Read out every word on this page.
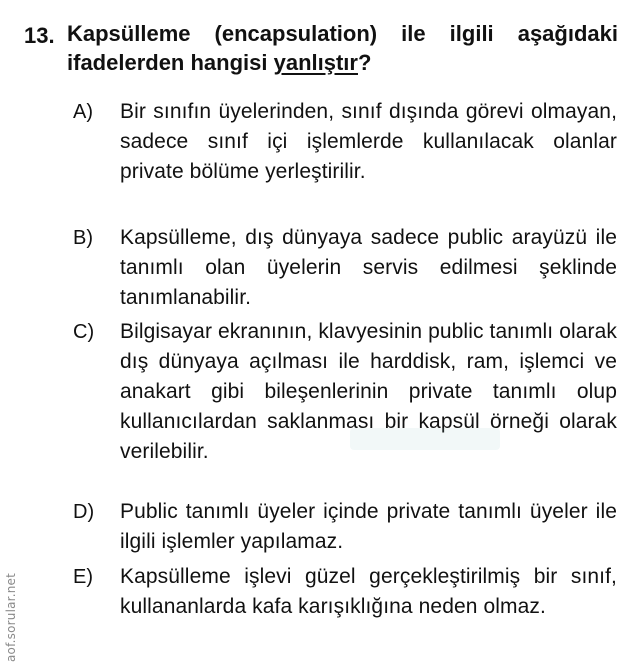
13. Kapsülleme (encapsulation) ile ilgili aşağıdaki ifadelerden hangisi yanlıştır?

A) Bir sınıfın üyelerinden, sınıf dışında görevi olmayan, sadece sınıf içi işlemlerde kullanılacak olanlar private bölüme yerleştirilir.
B) Kapsülleme, dış dünyaya sadece public arayüzü ile tanımlı olan üyelerin servis edilmesi şeklinde tanımlanabilir.
C) Bilgisayar ekranının, klavyesinin public tanımlı olarak dış dünyaya açılması ile harddisk, ram, işlemci ve anakart gibi bileşenlerinin private tanımlı olup kullanıcılardan saklanması bir kapsül örneği olarak verilebilir.
D) Public tanımlı üyeler içinde private tanımlı üyeler ile ilgili işlemler yapılamaz.
E) Kapsülleme işlevi güzel gerçekleştirilmiş bir sınıf, kullananlarda kafa karışıklığına neden olmaz.
aof.sorular.net
